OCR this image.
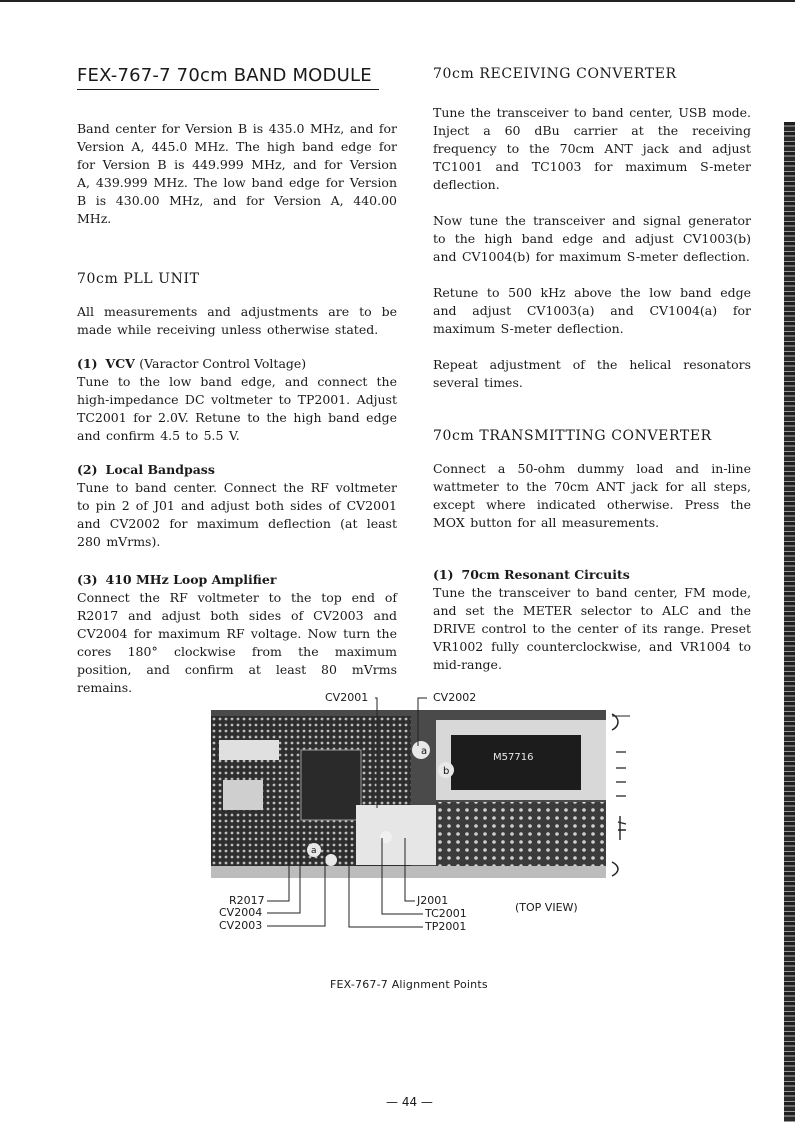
FEX-767-7 70cm BAND MODULE

Band center for Version B is 435.0 MHz, and for Version A, 445.0 MHz. The high band edge for for Version B is 449.999 MHz, and for Version A, 439.999 MHz. The low band edge for Version B is 430.00 MHz, and for Version A, 440.00 MHz.

70cm PLL UNIT

All measurements and adjustments are to be made while receiving unless otherwise stated.

(1) VCV (Varactor Control Voltage)

Tune to the low band edge, and connect the high-impedance DC voltmeter to TP2001. Adjust TC2001 for 2.0V. Retune to the high band edge and confirm 4.5 to 5.5 V.

(2) Local Bandpass

Tune to band center. Connect the RF voltmeter to pin 2 of J01 and adjust both sides of CV2001 and CV2002 for maximum deflection (at least 280 mVrms).

(3) 410 MHz Loop Amplifier

Connect the RF voltmeter to the top end of R2017 and adjust both sides of CV2003 and CV2004 for maximum RF voltage. Now turn the cores 180° clockwise from the maximum position, and confirm at least 80 mVrms remains.

70cm RECEIVING CONVERTER

Tune the transceiver to band center, USB mode. Inject a 60 dBu carrier at the receiving frequency to the 70cm ANT jack and adjust TC1001 and TC1003 for maximum S-meter deflection.

Now tune the transceiver and signal generator to the high band edge and adjust CV1003(b) and CV1004(b) for maximum S-meter deflection.

Retune to 500 kHz above the low band edge and adjust CV1003(a) and CV1004(a) for maximum S-meter deflection.

Repeat adjustment of the helical resonators several times.

70cm TRANSMITTING CONVERTER

Connect a 50-ohm dummy load and in-line wattmeter to the 70cm ANT jack for all steps, except where indicated otherwise. Press the MOX button for all measurements.

(1) 70cm Resonant Circuits

Tune the transceiver to band center, FM mode, and set the METER selector to ALC and the DRIVE control to the center of its range. Preset VR1002 fully counterclockwise, and VR1004 to mid-range.

a
b
a
M57716
CV2001	CV2002
R2017
CV2004
CV2003
J2001
TC2001
TP2001
(TOP VIEW)
FEX-767-7 Alignment Points
— 44 —
